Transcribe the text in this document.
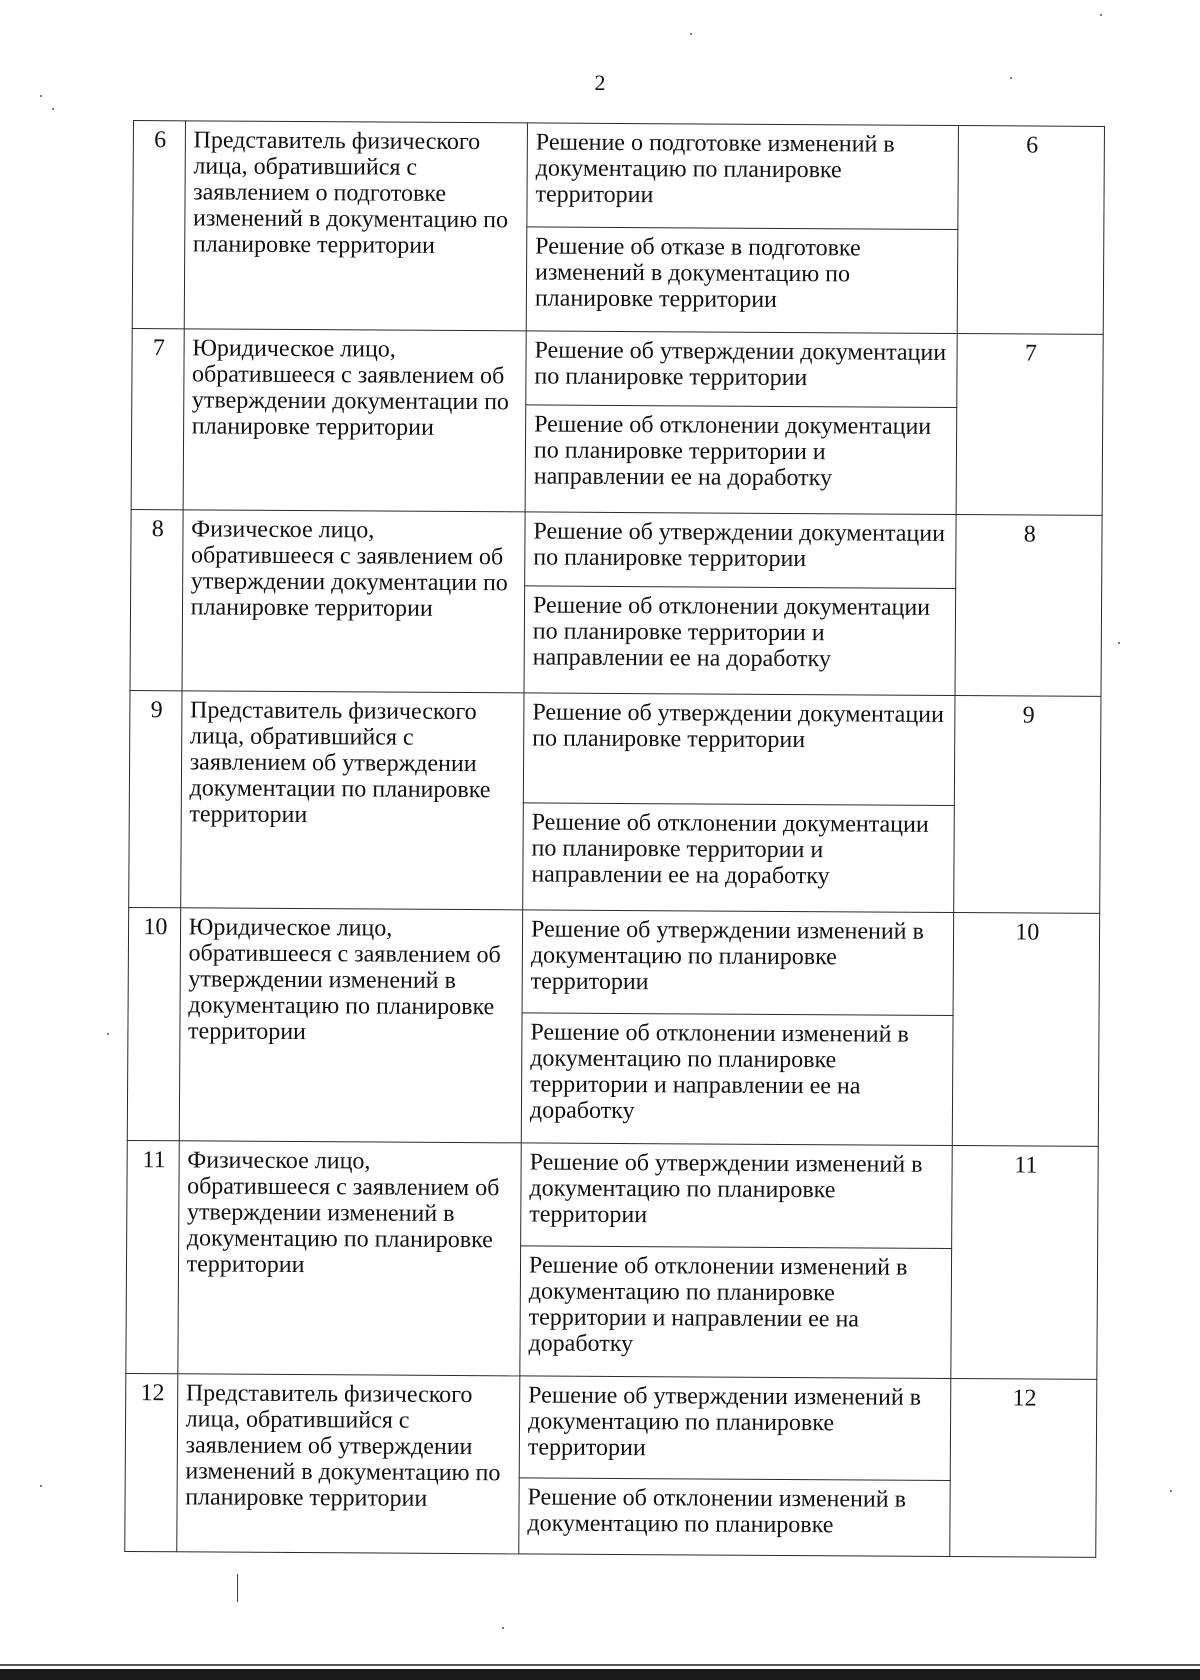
2
6	Представитель физического лица, обратившийся с заявлением о подготовке изменений в документацию по планировке территории	Решение о подготовке изменений в документацию по планировке территории	6
		Решение об отказе в подготовке изменений в документацию по планировке территории	
7	Юридическое лицо, обратившееся с заявлением об утверждении документации по планировке территории	Решение об утверждении документации по планировке территории	7
		Решение об отклонении документации по планировке территории и направлении ее на доработку	
8	Физическое лицо, обратившееся с заявлением об утверждении документации по планировке территории	Решение об утверждении документации по планировке территории	8
		Решение об отклонении документации по планировке территории и направлении ее на доработку	
9	Представитель физического лица, обратившийся с заявлением об утверждении документации по планировке территории	Решение об утверждении документации по планировке территории	9
		Решение об отклонении документации по планировке территории и направлении ее на доработку	
10	Юридическое лицо, обратившееся с заявлением об утверждении изменений в документацию по планировке территории	Решение об утверждении изменений в документацию по планировке территории	10
		Решение об отклонении изменений в документацию по планировке территории и направлении ее на доработку	
11	Физическое лицо, обратившееся с заявлением об утверждении изменений в документацию по планировке территории	Решение об утверждении изменений в документацию по планировке территории	11
		Решение об отклонении изменений в документацию по планировке территории и направлении ее на доработку	
12	Представитель физического лица, обратившийся с заявлением об утверждении изменений в документацию по планировке территории	Решение об утверждении изменений в документацию по планировке территории	12
		Решение об отклонении изменений в документацию по планировке	
